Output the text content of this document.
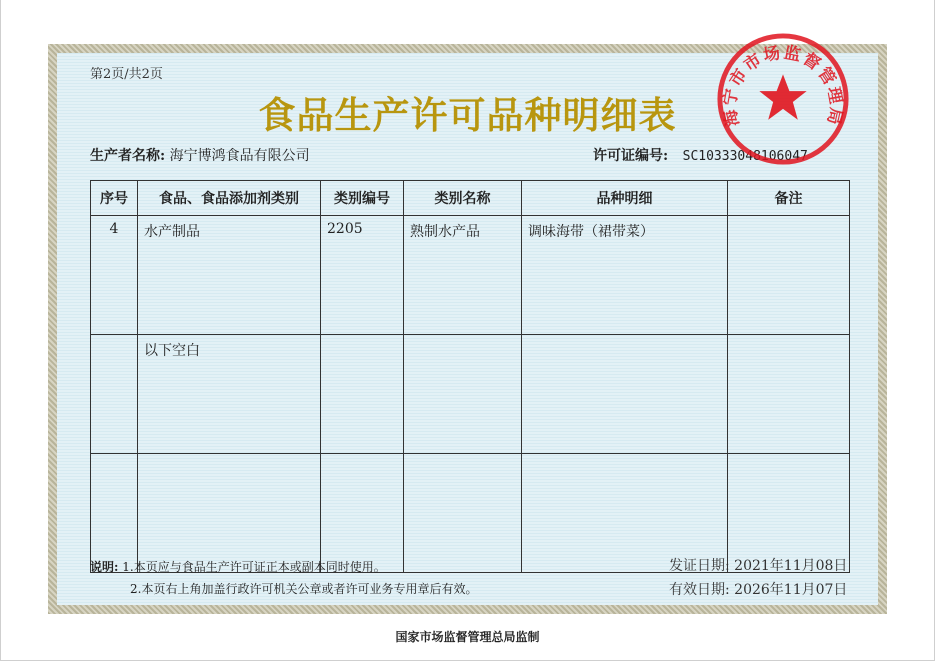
第2页/共2页
食品生产许可品种明细表
生产者名称: 海宁博鸿食品有限公司	许可证编号: SC10333048106047
序号	食品、食品添加剂类别	类别编号	类别名称	品种明细	备注
4	水产制品	2205	熟制水产品	调味海带（裙带菜）	
	以下空白				

说明: 1.本页应与食品生产许可证正本或副本同时使用。
2.本页右上角加盖行政许可机关公章或者许可业务专用章后有效。
发证日期: 2021年11月08日
有效日期: 2026年11月07日
海宁市市场监督管理局
国家市场监督管理总局监制
